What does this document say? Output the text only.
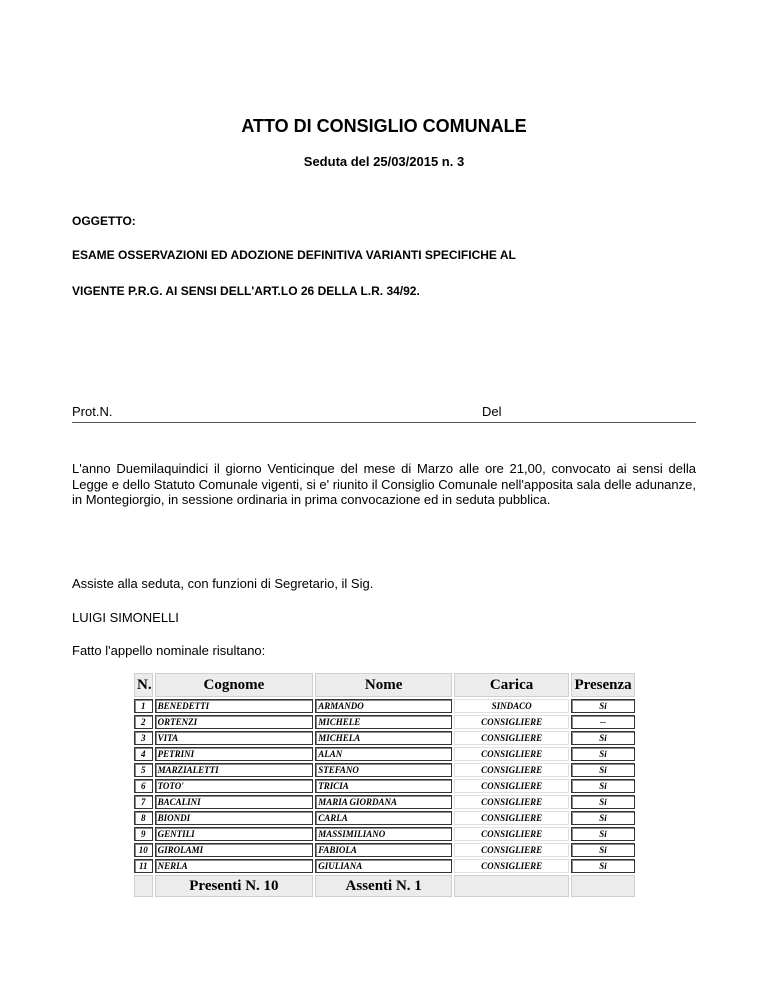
ATTO DI CONSIGLIO COMUNALE
Seduta del 25/03/2015 n. 3
OGGETTO:
ESAME OSSERVAZIONI ED ADOZIONE DEFINITIVA VARIANTI SPECIFICHE AL
VIGENTE P.R.G. AI SENSI DELL'ART.LO 26 DELLA L.R. 34/92.
Prot.N.	Del
L'anno Duemilaquindici il giorno Venticinque del mese di Marzo alle ore 21,00, convocato ai sensi della Legge e dello Statuto Comunale vigenti, si e' riunito il Consiglio Comunale nell'apposita sala delle adunanze, in Montegiorgio, in sessione ordinaria in prima convocazione ed in seduta pubblica.
Assiste alla seduta, con funzioni di Segretario, il Sig.
LUIGI SIMONELLI
Fatto l'appello nominale risultano:
N.	Cognome	Nome	Carica	Presenza
1	BENEDETTI	ARMANDO	SINDACO	Si
2	ORTENZI	MICHELE	CONSIGLIERE	--
3	VITA	MICHELA	CONSIGLIERE	Si
4	PETRINI	ALAN	CONSIGLIERE	Si
5	MARZIALETTI	STEFANO	CONSIGLIERE	Si
6	TOTO'	TRICIA	CONSIGLIERE	Si
7	BACALINI	MARIA GIORDANA	CONSIGLIERE	Si
8	BIONDI	CARLA	CONSIGLIERE	Si
9	GENTILI	MASSIMILIANO	CONSIGLIERE	Si
10	GIROLAMI	FABIOLA	CONSIGLIERE	Si
11	NERLA	GIULIANA	CONSIGLIERE	Si
	Presenti N. 10	Assenti N. 1		
